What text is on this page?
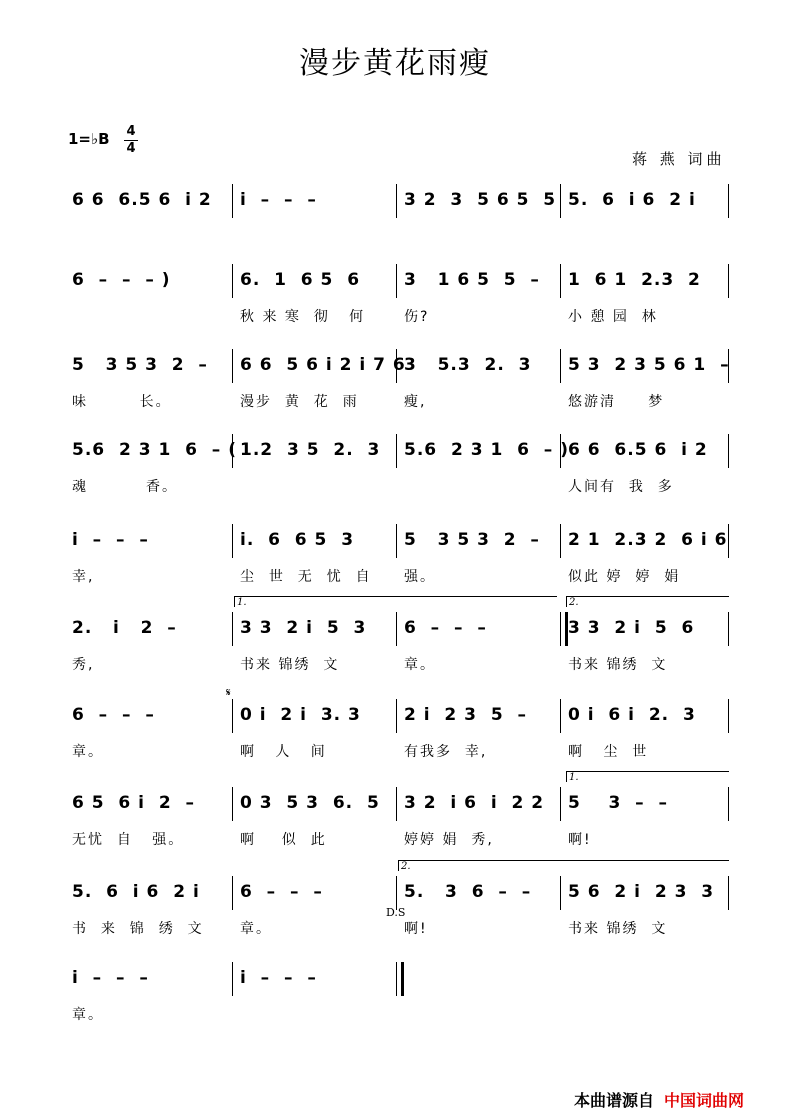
漫步黄花雨瘦
1=♭B 4
4
蒋 燕 词曲
6 6  6.5 6  i 2 i  –  –  –	3 2  3  5 6 5  5 5.  6  i 6  2 i
6  –  –  – )	6.  1  6 5  6
秋 来 寒  彻   何
3   1 6 5  5  –
伤?
1  6 1  2.3  2
小 憩 园  林
5   3 5 3  2  –
味        长。
6 6  5 6 i 2 i 7 6
漫步  黄  花  雨
3   5.3  2.  3
瘦,
5 3  2 3 5 6 1  –
悠游清     梦
5.6  2 3 1  6  – (
魂         香。
1.2  3 5  2.  3 5.6  2 3 1  6  – ) 6 6  6.5 6  i 2
人间有  我  多
i  –  –  –
幸,
i.  6  6 5  3
尘  世  无  忧  自
5   3 5 3  2  –
强。
2 1  2.3 2  6 i 6
似此 婷  婷  娟
2.   i   2  –
秀,
3 3  2 i  5  3
书来 锦绣  文
6  –  –  –
章。
3 3  2 i  5  6
书来 锦绣  文
1.	2.
6  –  –  –
章。
0 i  2 i  3. 3
啊   人   间
2 i  2 3  5  –
有我多  幸,
0 i  6 i  2.  3
啊   尘  世
6 5  6 i  2  –
无忧  自   强。
0 3  5 3  6.  5
啊    似  此
3 2  i 6  i  2 2
婷婷 娟  秀,
5    3  –  –
啊!
1.
5.  6  i 6  2 i
书  来  锦  绣  文
6  –  –  –
章。
5.   3  6  –  –
啊!
5 6  2 i  2 3  3
书来 锦绣  文
2.
i  –  –  –
章。
i  –  –  –
𝄋
D.S
本曲谱源自 中国词曲网
